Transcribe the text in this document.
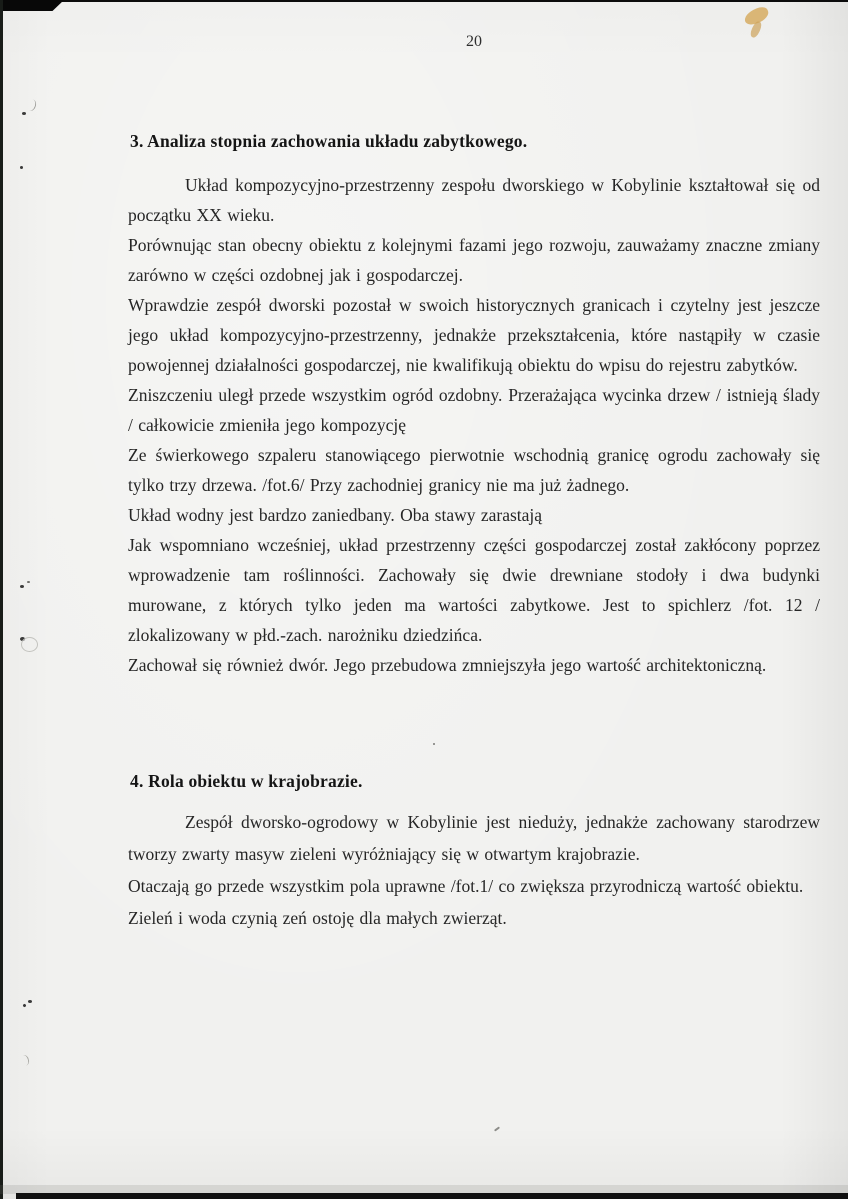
20
3. Analiza stopnia zachowania układu zabytkowego.

Układ kompozycyjno-przestrzenny zespołu dworskiego w Kobylinie kształtował się od początku XX wieku.

Porównując stan obecny obiektu z kolejnymi fazami jego rozwoju, zauważamy znaczne zmiany zarówno w części ozdobnej jak i gospodarczej.

Wprawdzie zespół dworski pozostał w swoich historycznych granicach i czytelny jest jeszcze jego układ kompozycyjno-przestrzenny, jednakże przekształcenia, które nastąpiły w czasie powojennej działalności gospodarczej, nie kwalifikują obiektu do wpisu do rejestru zabytków.

Zniszczeniu uległ przede wszystkim ogród ozdobny. Przerażająca wycinka drzew / istnieją ślady / całkowicie zmieniła jego kompozycję

Ze świerkowego szpaleru stanowiącego pierwotnie wschodnią granicę ogrodu zachowały się tylko trzy drzewa. /fot.6/ Przy zachodniej granicy nie ma już żadnego.

Układ wodny jest bardzo zaniedbany. Oba stawy zarastają

Jak wspomniano wcześniej, układ przestrzenny części gospodarczej został zakłócony poprzez wprowadzenie tam roślinności. Zachowały się dwie drewniane stodoły i dwa budynki murowane, z których tylko jeden ma wartości zabytkowe. Jest to spichlerz /fot. 12 / zlokalizowany w płd.-zach. narożniku dziedzińca.

Zachował się również dwór. Jego przebudowa zmniejszyła jego wartość architektoniczną.

4. Rola obiektu w krajobrazie.

Zespół dworsko-ogrodowy w Kobylinie jest nieduży, jednakże zachowany starodrzew tworzy zwarty masyw zieleni wyróżniający się w otwartym krajobrazie.

Otaczają go przede wszystkim pola uprawne /fot.1/ co zwiększa przyrodniczą wartość obiektu.

Zieleń i woda czynią zeń ostoję dla małych zwierząt.
